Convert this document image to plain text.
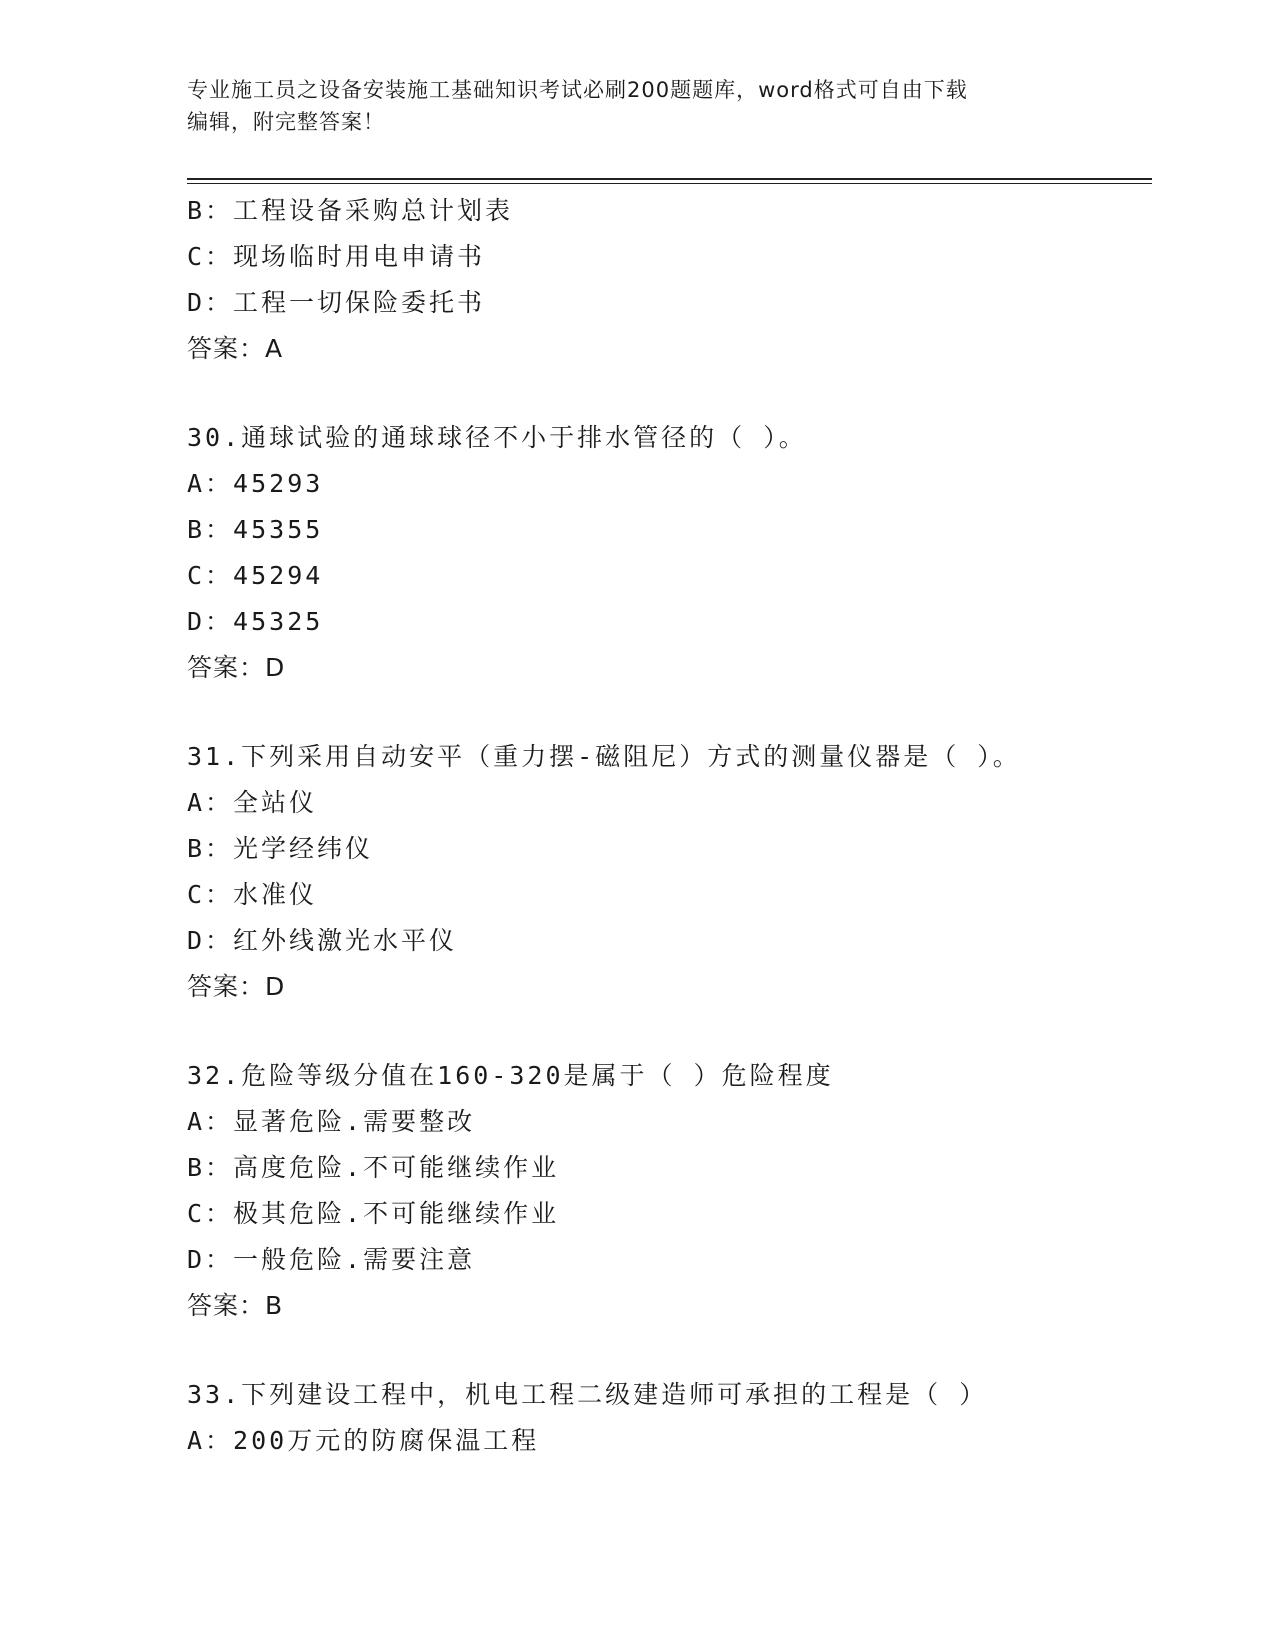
专业施工员之设备安装施工基础知识考试必刷200题题库，word格式可自由下载
编辑，附完整答案！
B：工程设备采购总计划表
C：现场临时用电申请书
D：工程一切保险委托书
答案：A
30.通球试验的通球球径不小于排水管径的（ ）。
A：45293
B：45355
C：45294
D：45325
答案：D
31.下列采用自动安平（重力摆-磁阻尼）方式的测量仪器是（ ）。
A：全站仪
B：光学经纬仪
C：水准仪
D：红外线激光水平仪
答案：D
32.危险等级分值在160-320是属于（ ）危险程度
A：显著危险.需要整改
B：高度危险.不可能继续作业
C：极其危险.不可能继续作业
D：一般危险.需要注意
答案：B
33.下列建设工程中，机电工程二级建造师可承担的工程是（ ）
A：200万元的防腐保温工程
